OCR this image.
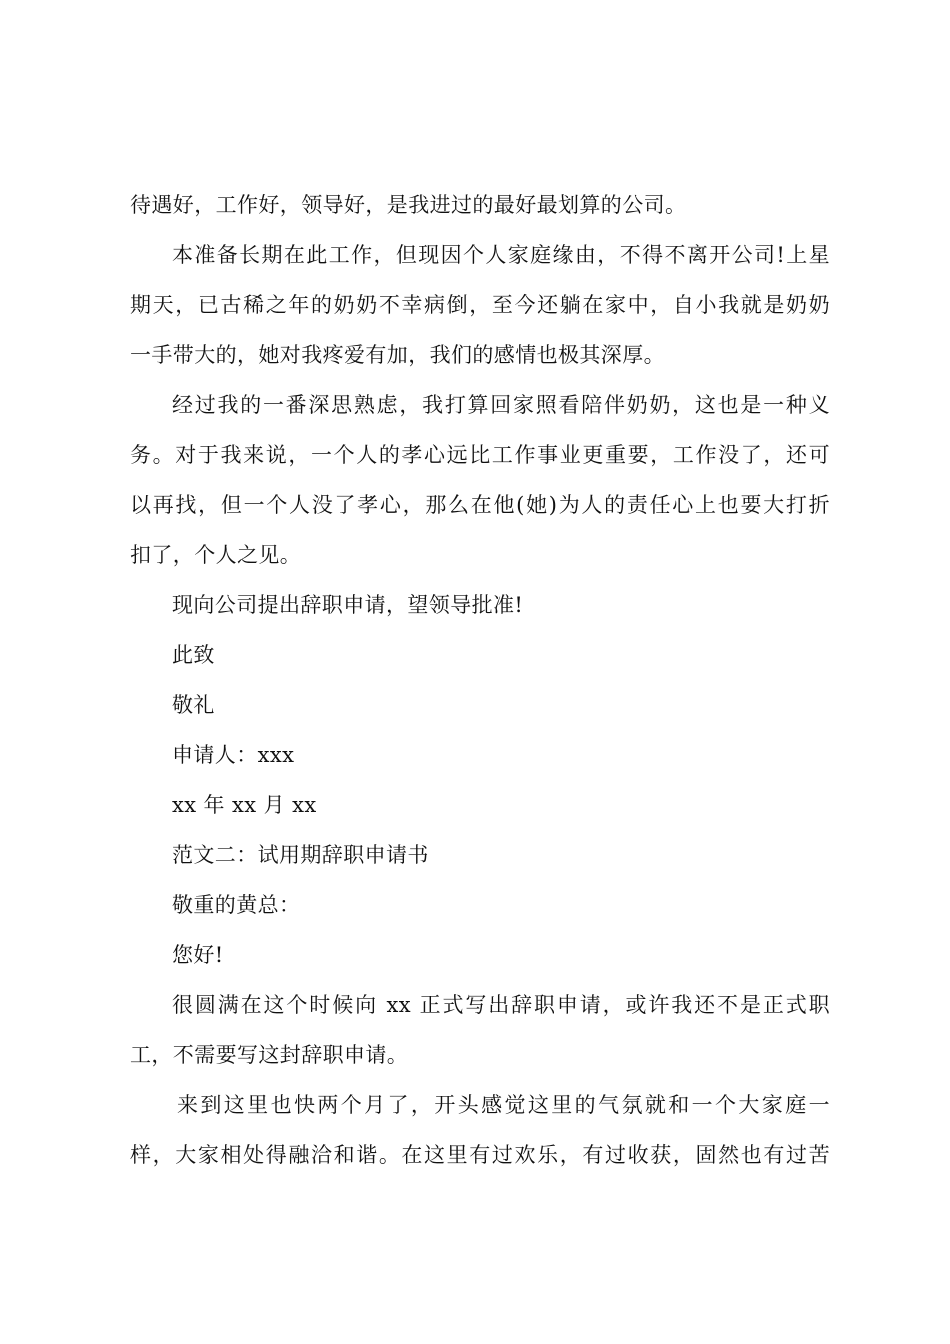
待遇好，工作好，领导好，是我进过的最好最划算的公司。
本准备长期在此工作，但现因个人家庭缘由，不得不离开公司!上星
期天，已古稀之年的奶奶不幸病倒，至今还躺在家中，自小我就是奶奶
一手带大的，她对我疼爱有加，我们的感情也极其深厚。
经过我的一番深思熟虑，我打算回家照看陪伴奶奶，这也是一种义
务。对于我来说，一个人的孝心远比工作事业更重要，工作没了，还可
以再找，但一个人没了孝心，那么在他(她)为人的责任心上也要大打折
扣了，个人之见。
现向公司提出辞职申请，望领导批准!
此致
敬礼
申请人：xxx
xx 年 xx 月 xx
范文二：试用期辞职申请书
敬重的黄总：
您好!
很圆满在这个时候向 xx 正式写出辞职申请，或许我还不是正式职
工，不需要写这封辞职申请。
来到这里也快两个月了，开头感觉这里的气氛就和一个大家庭一
样，大家相处得融洽和谐。在这里有过欢乐，有过收获，固然也有过苦
